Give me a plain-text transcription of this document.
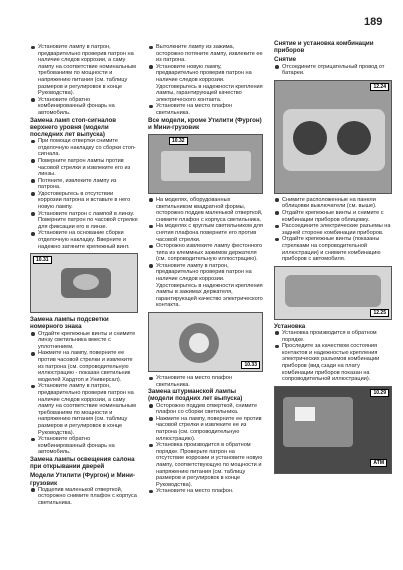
189

Установите лампу в патрон, предварительно проверив патрон на наличие следов коррозии, а саму лампу на соответствие номинальным требованиям по мощности и напряжению питания (см. таблицу размеров и регулировок в конце Руководства).

Установите обратно комбинированный фонарь на автомобиль.

Замена ламп стоп-сигналов верхнего уровня (модели последних лет выпуска)

При помощи отвертки снимите отделочную накладку со сборки стоп-сигнала.

Поверните патрон лампы против часовой стрелки и извлеките его из линзы.

Потяните, извлеките лампу из патрона.

Удостоверьтесь в отсутствии коррозии патрона и вставьте в него новую лампу.

Установите патрон с лампой в линзу. Поверните патрон по часовой стрелке для фиксации его в линзе.

Установите на основание сборки отделочную накладку. Вверните и надежно затяните крепежный винт.

10.31
Замена лампы подсветки номерного знака

Отдайте крепежные винты и снимите линзу светильника вместе с уплотнением.

Нажмите на лампу, поверните ее против часовой стрелки и извлеките из патрона (см. сопроводительную иллюстрацию - показан светильник моделей Хардтоп и Универсал).

Установите лампу в патрон, предварительно проверив патрон на наличие следов коррозии, а саму лампу на соответствие номинальным требованиям по мощности и напряжению питания (см. таблицу размеров и регулировок в конце Руководства).

Установите обратно комбинированный фонарь на автомобиль.

Замена лампы освещения салона при открывании дверей
Модели Утилити (Фургон) и Мини-грузовик

Подцепив маленькой отверткой, осторожно снимите плафон с корпуса светильника.

Вытолкните лампу из зажима, осторожно потяните лампу, извлеките ее из патрона.

Установите новую лампу, предварительно проверив патрон на наличие следов коррозии. Удостоверьтесь в надежности крепления лампы, гарантирующей качество электрического контакта.

Установите на место плафон светильника.

Все модели, кроме Утилити (Фургон) и Мини-грузовик
10.32

На моделях, оборудованных светильником квадратной формы, осторожно поддев маленькой отверткой, снимите плафон с корпуса светильника.

На моделях с круглым светильником для снятия плафона поверните его против часовой стрелки.

Осторожно извлеките лампу фестонного типа из клеммных зажимов держателя (см. сопроводительную иллюстрацию).

Установите лампу в патрон, предварительно проверив патрон на наличие следов коррозии. Удостоверьтесь в надежности крепления лампы в зажимах держателя, гарантирующей качество электрического контакта.

10.33

Установите на место плафон светильника.

Замена штурманской лампы (модели поздних лет выпуска)

Осторожно поддев отверткой, снимите плафон со сборки светильника.

Нажмите на лампу, поверните ее против часовой стрелки и извлеките ее из патрона (см. сопроводительную иллюстрацию).

Установка производится в обратном порядке. Проверьте патрон на отсутствие коррозии и установите новую лампу, соответствующую по мощности и напряжению питания (см. таблицу размеров и регулировок в конце Руководства).

Установите на место плафон.

Снятие и установка комбинации приборов
Снятие

Отсоедините отрицательный провод от батареи.

12.24

Снимите расположенные на панели облицовки выключатели (см. выше).

Отдайте крепежные винты и снимите с комбинации приборов облицовку.

Рассоедините электрические разъемы на задней стороне комбинации приборов.

Отдайте крепежные винты (показаны стрелками на сопроводительной иллюстрации) и снимите комбинацию приборов с автомобиля.

12.25
Установка

Установка производится в обратном порядке.

Проследите за качеством состояния контактов и надежностью крепления электрических разъемов комбинации приборов (вид сзади на плату комбинации приборов показан на сопроводительной иллюстрации).

10.29
АТМ
